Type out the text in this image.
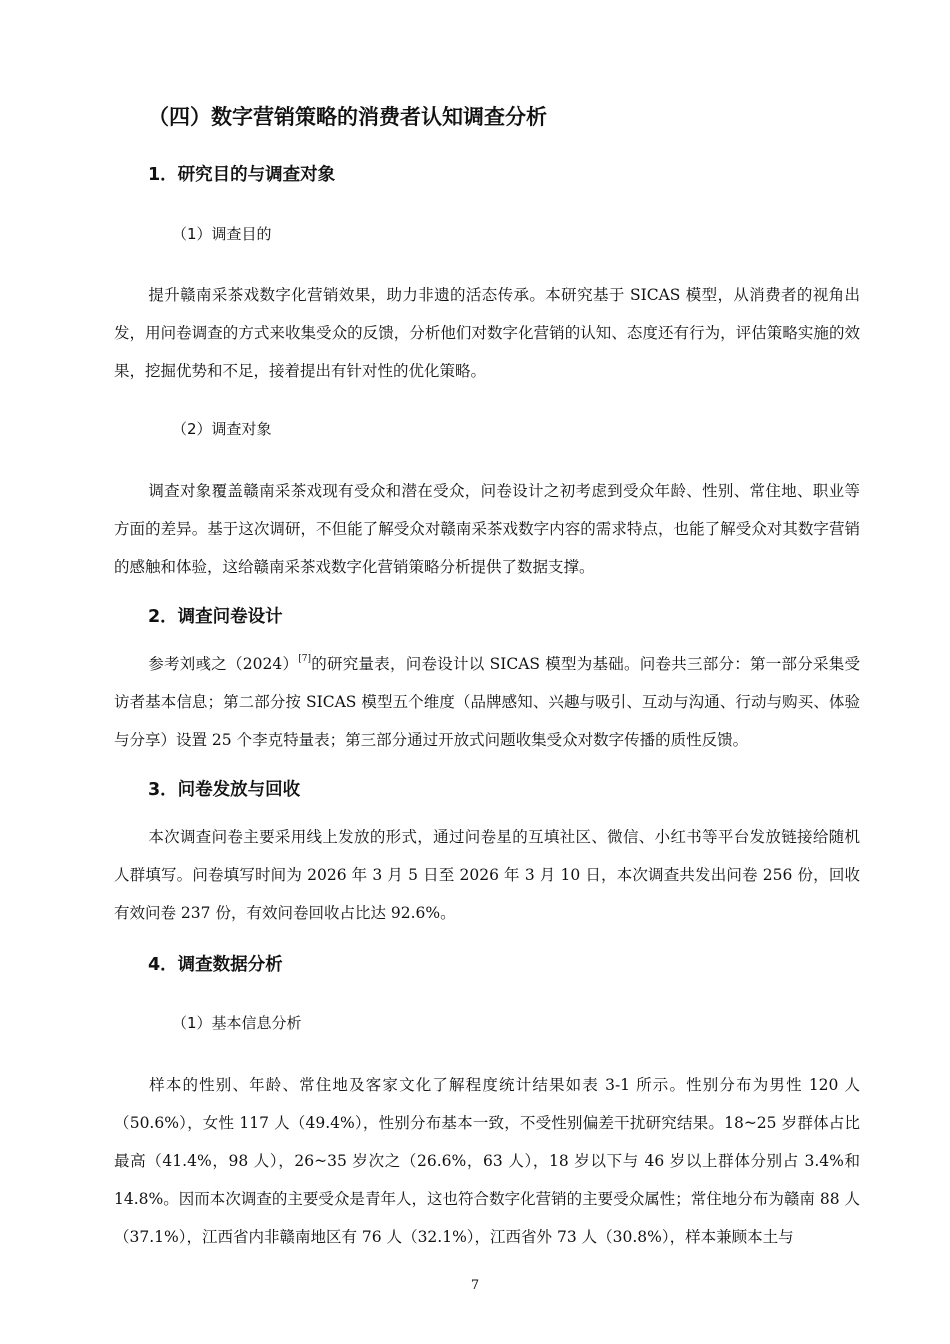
（四）数字营销策略的消费者认知调查分析
1．研究目的与调查对象
（1）调查目的

提升赣南采茶戏数字化营销效果，助力非遗的活态传承。本研究基于 SICAS 模型，从消费者的视角出发，用问卷调查的方式来收集受众的反馈，分析他们对数字化营销的认知、态度还有行为，评估策略实施的效果，挖掘优势和不足，接着提出有针对性的优化策略。

（2）调查对象

调查对象覆盖赣南采茶戏现有受众和潜在受众，问卷设计之初考虑到受众年龄、性别、常住地、职业等方面的差异。基于这次调研，不但能了解受众对赣南采茶戏数字内容的需求特点，也能了解受众对其数字营销的感触和体验，这给赣南采茶戏数字化营销策略分析提供了数据支撑。

2．调查问卷设计

参考刘彧之（2024）[7]的研究量表，问卷设计以 SICAS 模型为基础。问卷共三部分：第一部分采集受访者基本信息；第二部分按 SICAS 模型五个维度（品牌感知、兴趣与吸引、互动与沟通、行动与购买、体验与分享）设置 25 个李克特量表；第三部分通过开放式问题收集受众对数字传播的质性反馈。

3．问卷发放与回收

本次调查问卷主要采用线上发放的形式，通过问卷星的互填社区、微信、小红书等平台发放链接给随机人群填写。问卷填写时间为 2026 年 3 月 5 日至 2026 年 3 月 10 日，本次调查共发出问卷 256 份，回收有效问卷 237 份，有效问卷回收占比达 92.6%。

4．调查数据分析
（1）基本信息分析

样本的性别、年龄、常住地及客家文化了解程度统计结果如表 3-1 所示。性别分布为男性 120 人（50.6%），女性 117 人（49.4%），性别分布基本一致，不受性别偏差干扰研究结果。18~25 岁群体占比最高（41.4%，98 人），26~35 岁次之（26.6%，63 人），18 岁以下与 46 岁以上群体分别占 3.4%和 14.8%。因而本次调查的主要受众是青年人，这也符合数字化营销的主要受众属性；常住地分布为赣南 88 人（37.1%），江西省内非赣南地区有 76 人（32.1%），江西省外 73 人（30.8%），样本兼顾本土与

7
